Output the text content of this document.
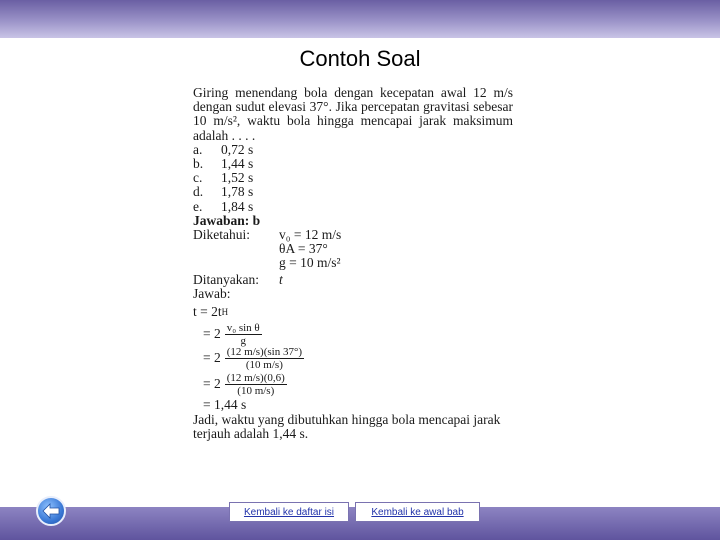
Contoh Soal

Giring menendang bola dengan kecepatan awal 12 m/s dengan sudut elevasi 37°. Jika percepatan gravitasi sebesar 10 m/s², waktu bola hingga mencapai jarak maksimum adalah . . . .

a.	0,72 s
b.	1,44 s
c.	1,52 s
d.	1,78 s
e.	1,84 s

Jawaban: b

Diketahui:	v₀ = 12 m/s
θA = 37°
g = 10 m/s²
Ditanyakan:	t

Jawab:

t = 2t H
= $2 \frac{\text{v₀ sin θ}}{g}$
= $2 \frac{(12 m/s)(\sin 37^\circ)}{(10 m/s)}$
= $2 \frac{(12 m/s)(0,6)}{(10 m/s)}$
= 1,44 s

Jadi, waktu yang dibutuhkan hingga bola mencapai jarak terjauh adalah 1,44 s.

Kembali ke daftar isi	Kembali ke awal bab
